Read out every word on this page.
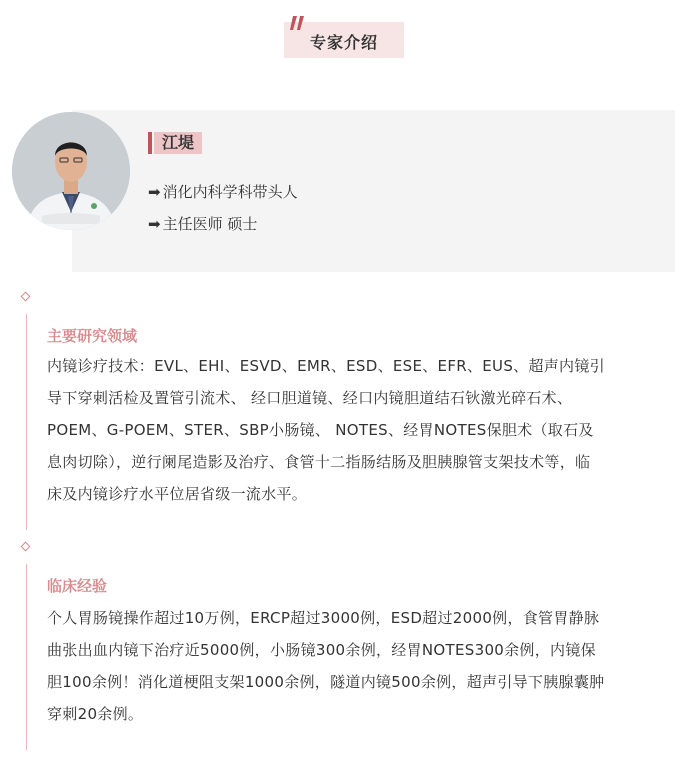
专家介绍
江堤
➡ 消化内科学科带头人
➡ 主任医师 硕士
主要研究领域
内镜诊疗技术：EVL、EHI、ESVD、EMR、ESD、ESE、EFR、EUS、超声内镜引
导下穿刺活检及置管引流术、 经口胆道镜、经口内镜胆道结石钬激光碎石术、
POEM、G-POEM、STER、SBP小肠镜、 NOTES、经胃NOTES保胆术（取石及
息肉切除），逆行阑尾造影及治疗、食管十二指肠结肠及胆胰腺管支架技术等，临
床及内镜诊疗水平位居省级一流水平。
临床经验
个人胃肠镜操作超过10万例，ERCP超过3000例，ESD超过2000例，食管胃静脉
曲张出血内镜下治疗近5000例，小肠镜300余例，经胃NOTES300余例，内镜保
胆100余例！消化道梗阻支架1000余例，隧道内镜500余例，超声引导下胰腺囊肿
穿刺20余例。
